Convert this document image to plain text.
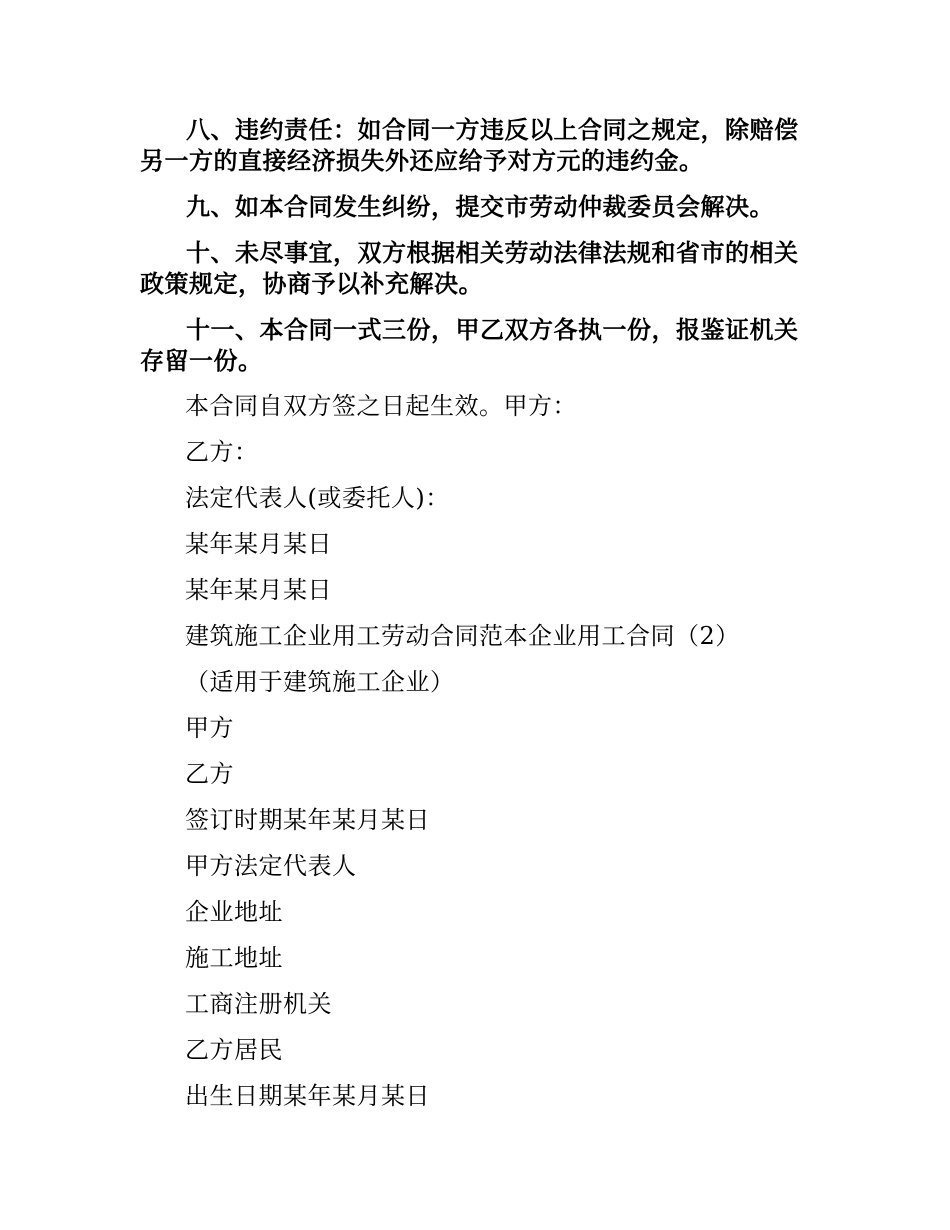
八、违约责任：如合同一方违反以上合同之规定，除赔偿另一方的直接经济损失外还应给予对方元的违约金。

九、如本合同发生纠纷，提交市劳动仲裁委员会解决。

十、未尽事宜，双方根据相关劳动法律法规和省市的相关政策规定，协商予以补充解决。

十一、本合同一式三份，甲乙双方各执一份，报鉴证机关存留一份。

本合同自双方签之日起生效。甲方：

乙方：

法定代表人(或委托人)：

某年某月某日

某年某月某日

建筑施工企业用工劳动合同范本企业用工合同（2）

（适用于建筑施工企业）

甲方

乙方

签订时期某年某月某日

甲方法定代表人

企业地址

施工地址

工商注册机关

乙方居民

出生日期某年某月某日
